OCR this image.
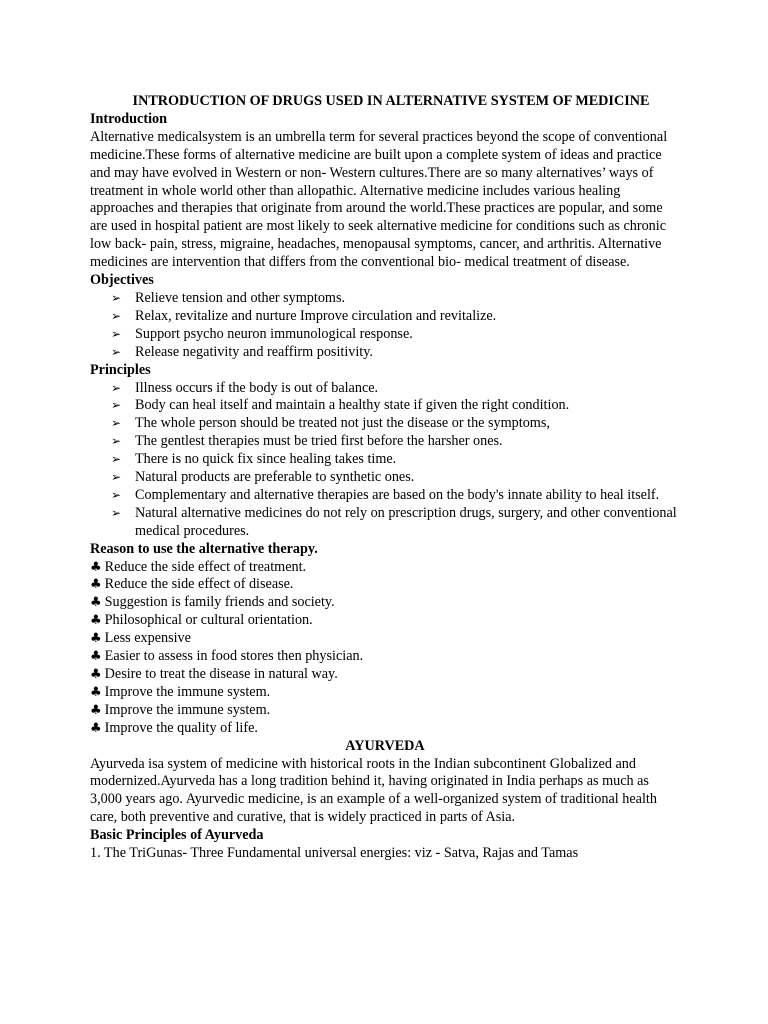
INTRODUCTION OF DRUGS USED IN ALTERNATIVE SYSTEM OF MEDICINE

Introduction

Alternative medicalsystem is an umbrella term for several practices beyond the scope of conventional medicine.These forms of alternative medicine are built upon a complete system of ideas and practice and may have evolved in Western or non- Western cultures.There are so many alternatives’ ways of treatment in whole world other than allopathic. Alternative medicine includes various healing approaches and therapies that originate from around the world.These practices are popular, and some are used in hospital patient are most likely to seek alternative medicine for conditions such as chronic low back- pain, stress, migraine, headaches, menopausal symptoms, cancer, and arthritis. Alternative medicines are intervention that differs from the conventional bio- medical treatment of disease.

Objectives

➢ Relieve tension and other symptoms.
➢ Relax, revitalize and nurture Improve circulation and revitalize.
➢ Support psycho neuron immunological response.
➢ Release negativity and reaffirm positivity.

Principles

➢ Illness occurs if the body is out of balance.
➢ Body can heal itself and maintain a healthy state if given the right condition.
➢ The whole person should be treated not just the disease or the symptoms,
➢ The gentlest therapies must be tried first before the harsher ones.
➢ There is no quick fix since healing takes time.
➢ Natural products are preferable to synthetic ones.
➢ Complementary and alternative therapies are based on the body's innate ability to heal itself.
➢ Natural alternative medicines do not rely on prescription drugs, surgery, and other conventional medical procedures.

Reason to use the alternative therapy.

♣ Reduce the side effect of treatment.
♣ Reduce the side effect of disease.
♣ Suggestion is family friends and society.
♣ Philosophical or cultural orientation.
♣ Less expensive
♣ Easier to assess in food stores then physician.
♣ Desire to treat the disease in natural way.
♣ Improve the immune system.
♣ Improve the immune system.
♣ Improve the quality of life.

AYURVEDA

Ayurveda isa system of medicine with historical roots in the Indian subcontinent Globalized and modernized.Ayurveda has a long tradition behind it, having originated in India perhaps as much as 3,000 years ago. Ayurvedic medicine, is an example of a well-organized system of traditional health care, both preventive and curative, that is widely practiced in parts of Asia.

Basic Principles of Ayurveda

1. The TriGunas- Three Fundamental universal energies: viz - Satva, Rajas and Tamas
